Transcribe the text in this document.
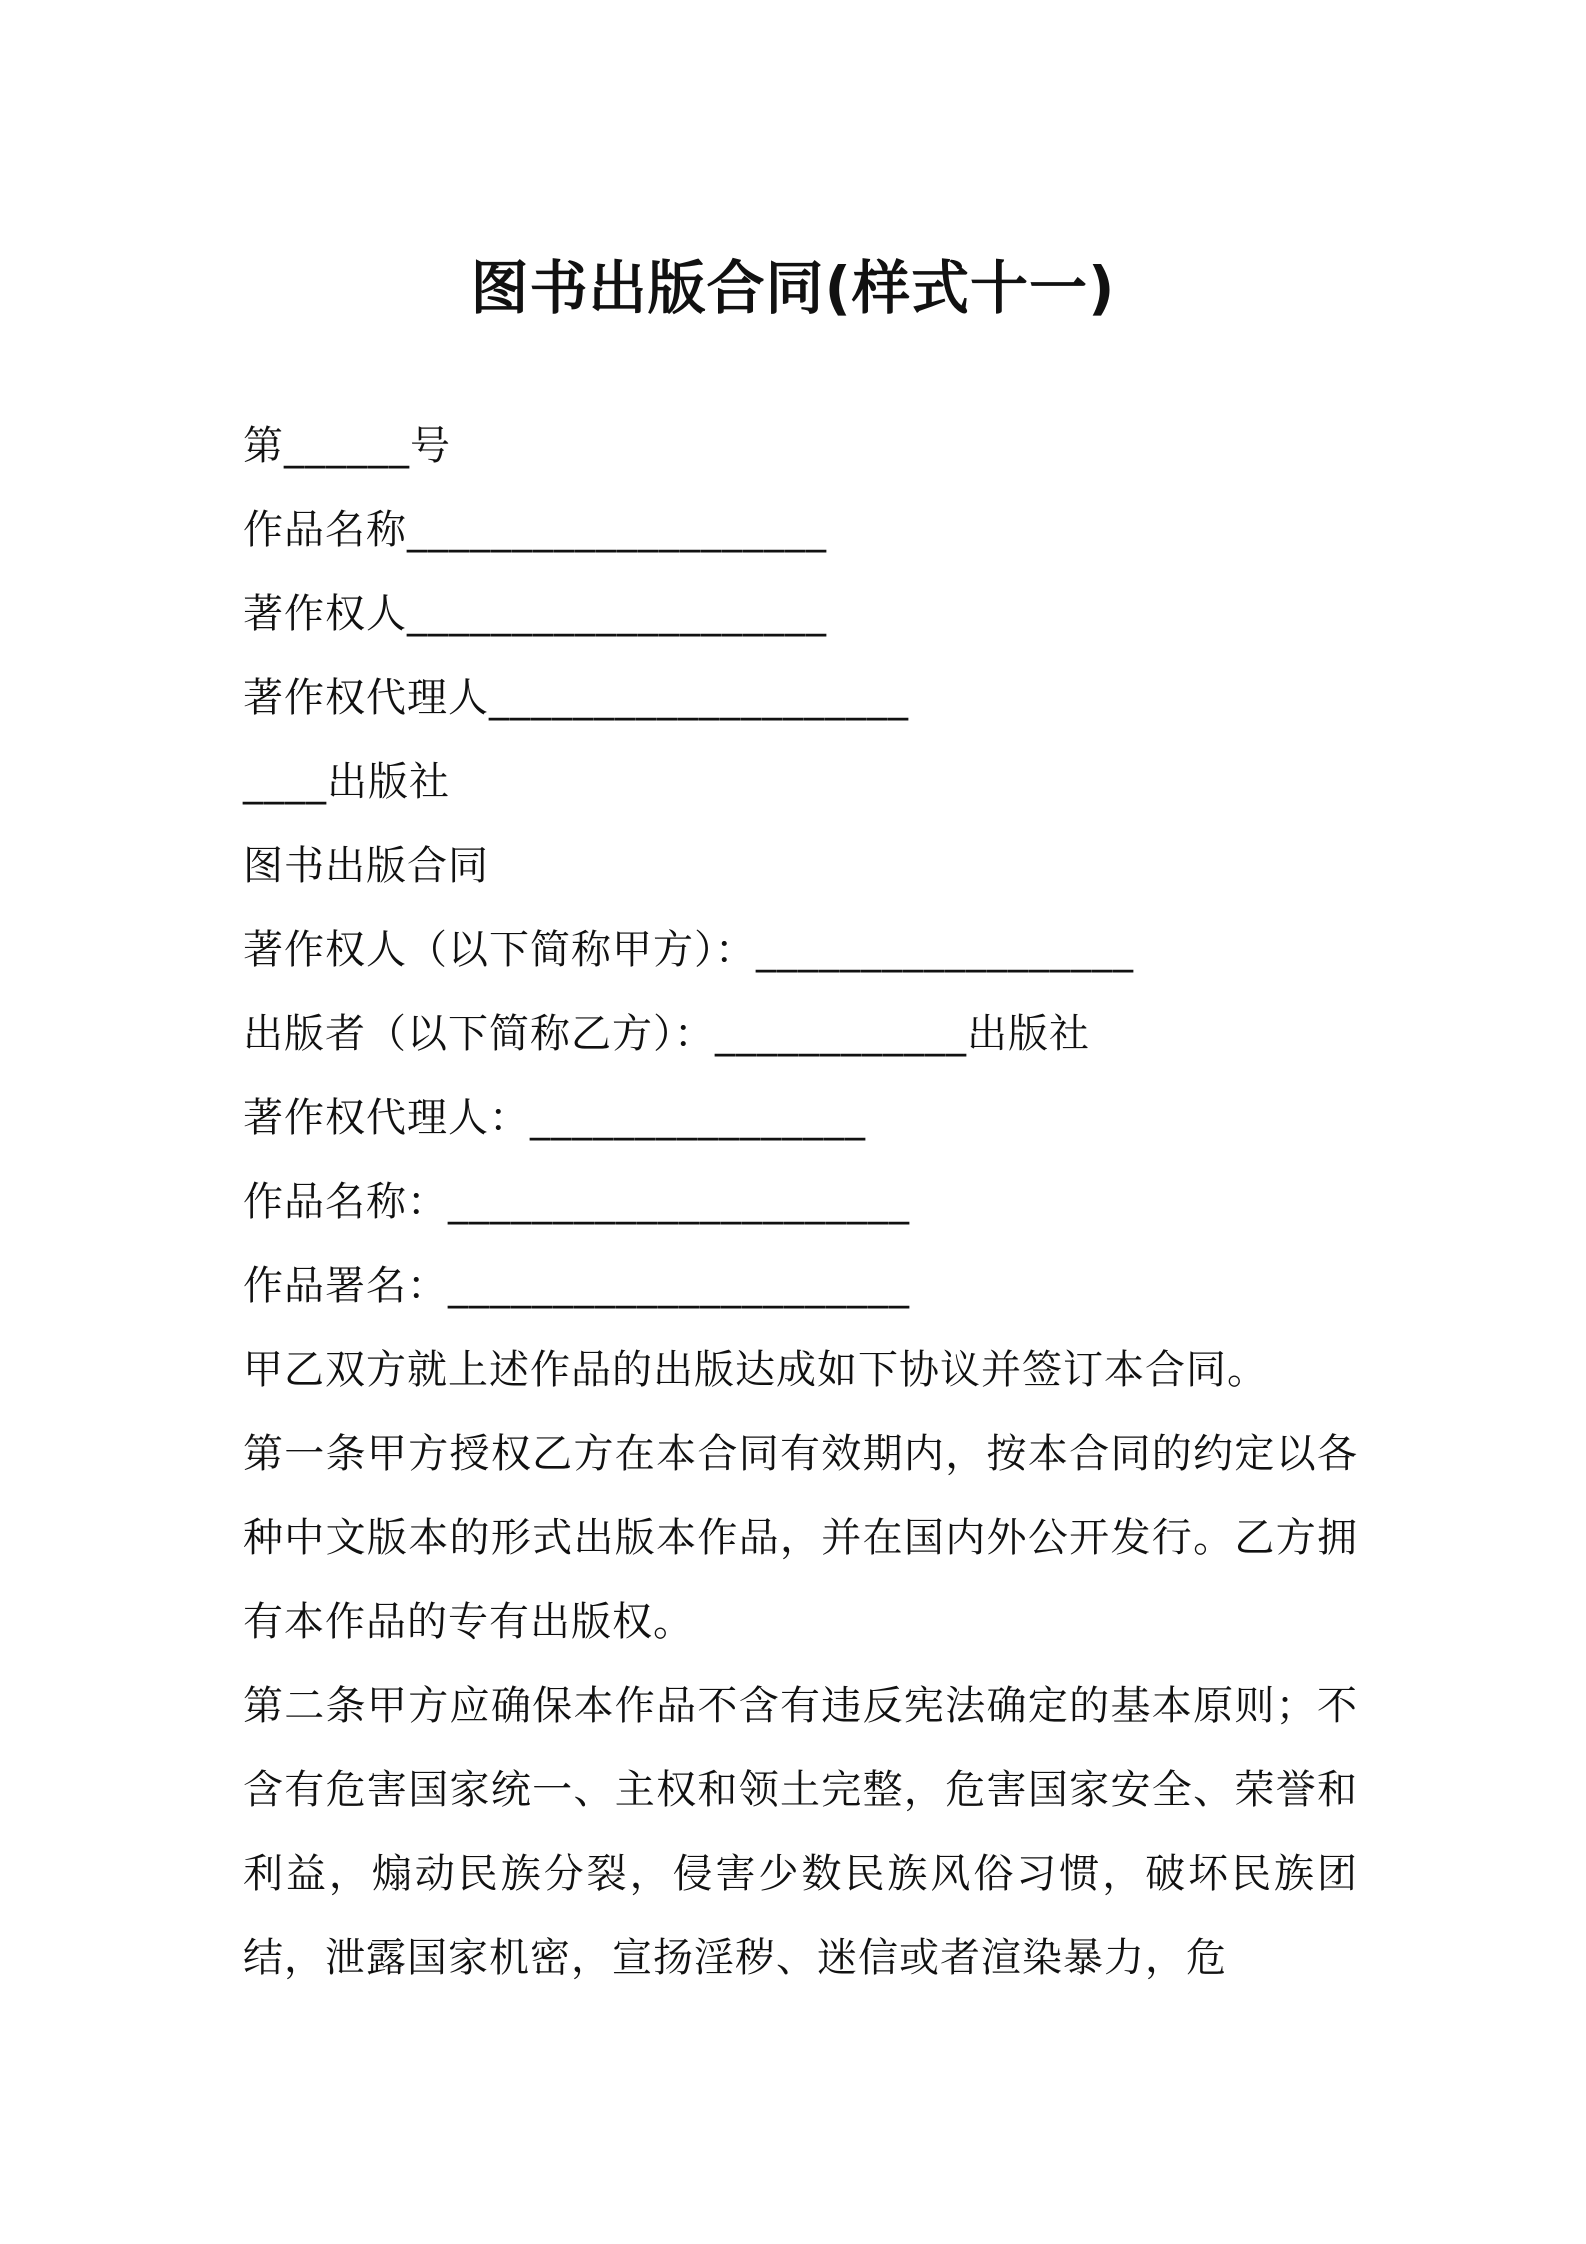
图书出版合同(样式十一)
第______号
作品名称____________________
著作权人____________________
著作权代理人____________________
____出版社
图书出版合同
著作权人（以下简称甲方）：__________________
出版者（以下简称乙方）：____________出版社
著作权代理人：________________
作品名称：______________________
作品署名：______________________
甲乙双方就上述作品的出版达成如下协议并签订本合同。
第一条甲方授权乙方在本合同有效期内，按本合同的约定以各种中文版本的形式出版本作品，并在国内外公开发行。乙方拥有本作品的专有出版权。
第二条甲方应确保本作品不含有违反宪法确定的基本原则；不含有危害国家统一、主权和领土完整，危害国家安全、荣誉和利益，煽动民族分裂，侵害少数民族风俗习惯，破坏民族团结，泄露国家机密，宣扬淫秽、迷信或者渲染暴力，危
